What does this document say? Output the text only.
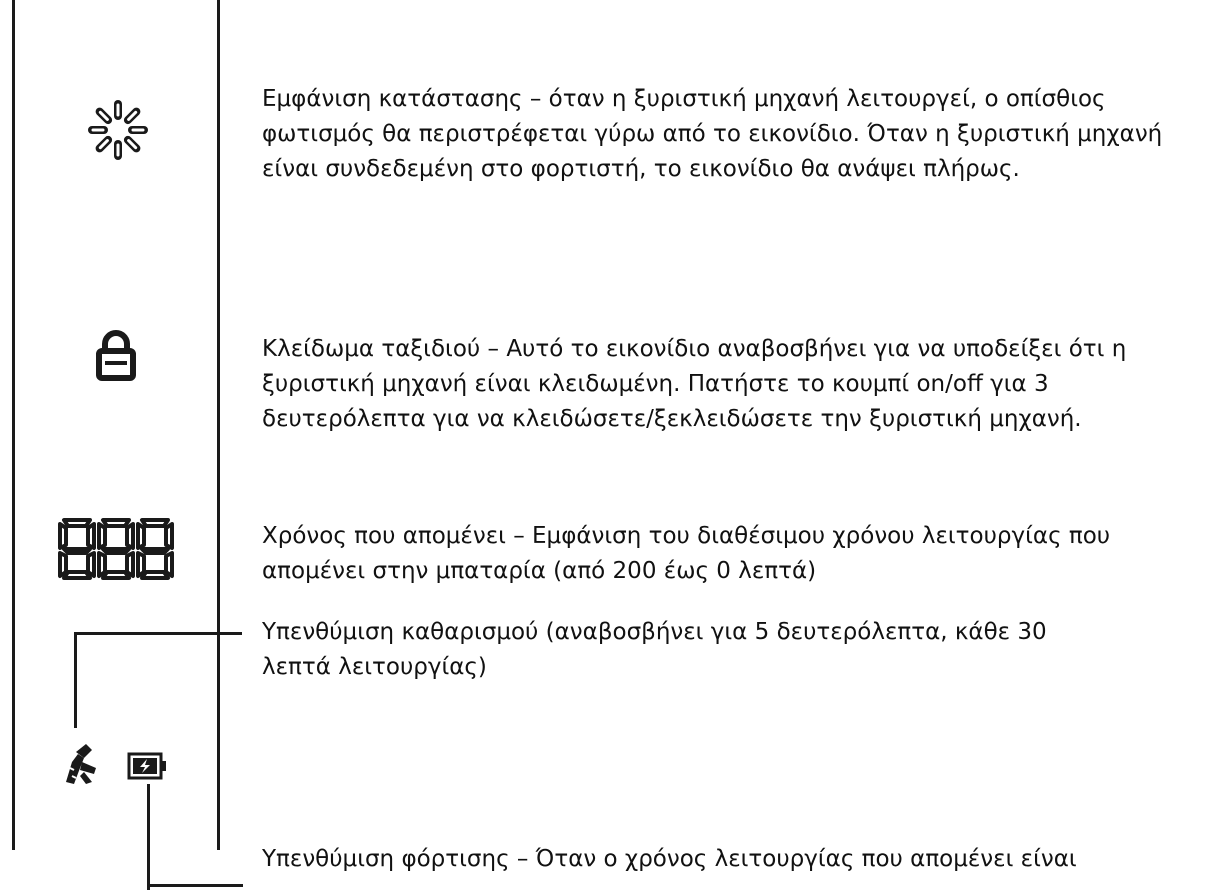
Εμφάνιση κατάστασης – όταν η ξυριστική μηχανή λειτουργεί, ο οπίσθιος

φωτισμός θα περιστρέφεται γύρω από το εικονίδιο. Όταν η ξυριστική μηχανή

είναι συνδεδεμένη στο φορτιστή, το εικονίδιο θα ανάψει πλήρως.

Κλείδωμα ταξιδιού – Αυτό το εικονίδιο αναβοσβήνει για να υποδείξει ότι η

ξυριστική μηχανή είναι κλειδωμένη. Πατήστε το κουμπί on/off για 3

δευτερόλεπτα για να κλειδώσετε/ξεκλειδώσετε την ξυριστική μηχανή.

Χρόνος που απομένει – Εμφάνιση του διαθέσιμου χρόνου λειτουργίας που

απομένει στην μπαταρία (από 200 έως 0 λεπτά)

Υπενθύμιση καθαρισμού (αναβοσβήνει για 5 δευτερόλεπτα, κάθε 30

λεπτά λειτουργίας)

Υπενθύμιση φόρτισης – Όταν ο χρόνος λειτουργίας που απομένει είναι
